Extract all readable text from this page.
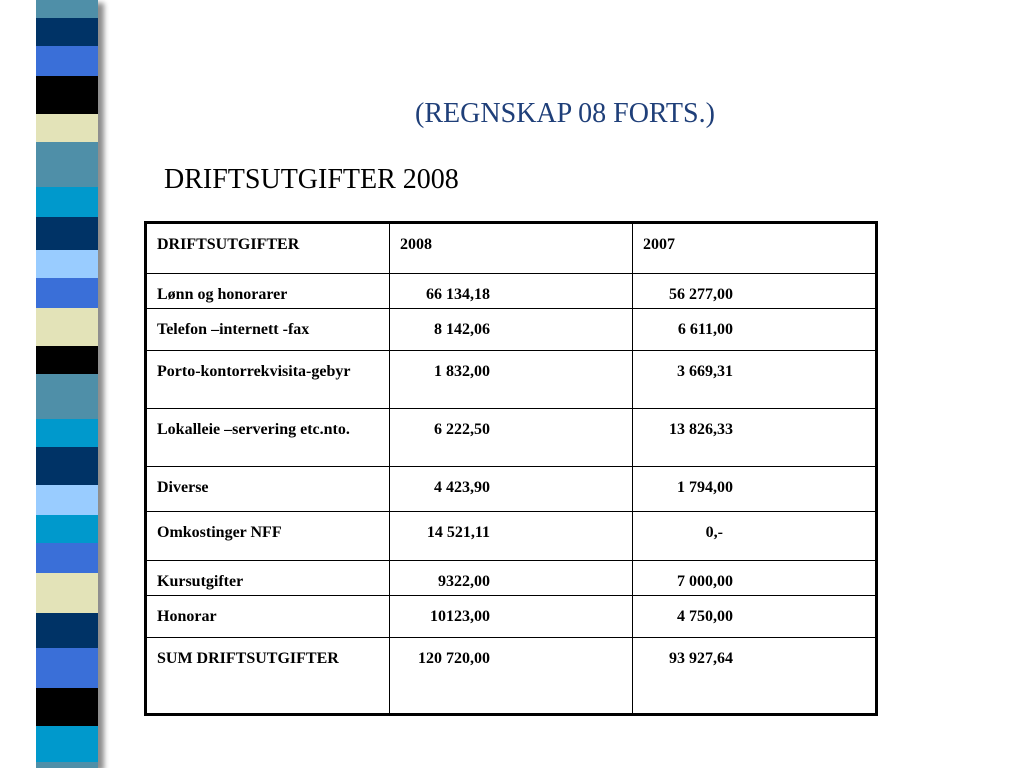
(REGNSKAP 08 FORTS.)
DRIFTSUTGIFTER 2008
DRIFTSUTGIFTER	2008	2007
Lønn og honorarer	66 134,18	56 277,00
Telefon –internett -fax	8 142,06	6 611,00
Porto-kontorrekvisita-gebyr	1 832,00	3 669,31
Lokalleie –servering etc.nto.	6 222,50	13 826,33
Diverse	4 423,90	1 794,00
Omkostinger NFF	14 521,11	0,-
Kursutgifter	9322,00	7 000,00
Honorar	10123,00	4 750,00
SUM DRIFTSUTGIFTER	120 720,00	93 927,64
